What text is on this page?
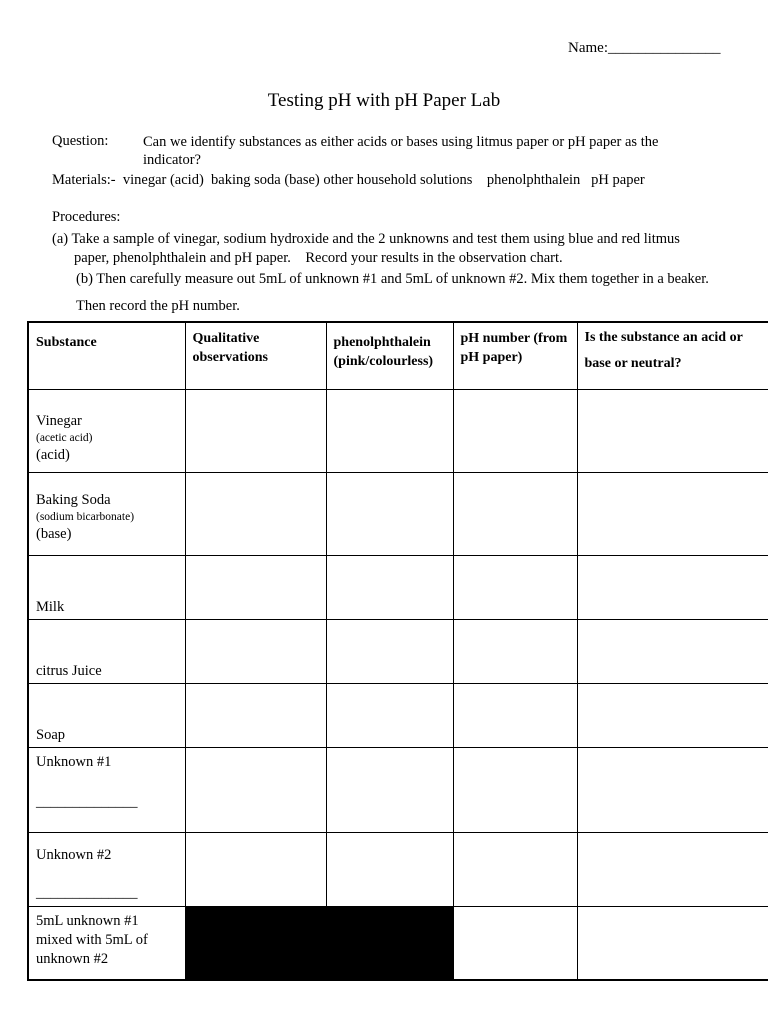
Name:_______________
Testing pH with pH Paper Lab
Question: Can we identify substances as either acids or bases using litmus paper or pH paper as the indicator?
Materials:-  vinegar (acid)  baking soda (base) other household solutions    phenolphthalein   pH paper
Procedures:
(a) Take a sample of vinegar, sodium hydroxide and the 2 unknowns and test them using blue and red litmus
paper, phenolphthalein and pH paper.    Record your results in the observation chart.
(b) Then carefully measure out 5mL of unknown #1 and 5mL of unknown #2. Mix them together in a beaker. Then record the pH number.
Substance	Qualitative observations	phenolphthalein (pink/colourless)	pH number (from pH paper)	Is the substance an acid or base or neutral?

Vinegar
(acetic acid)
(acid)				

Baking Soda
(sodium bicarbonate)
(base)				

Milk				

citrus Juice				

Soap				

Unknown #1
______________				

Unknown #2
______________				

5mL unknown #1
mixed with 5mL of
unknown #2				
